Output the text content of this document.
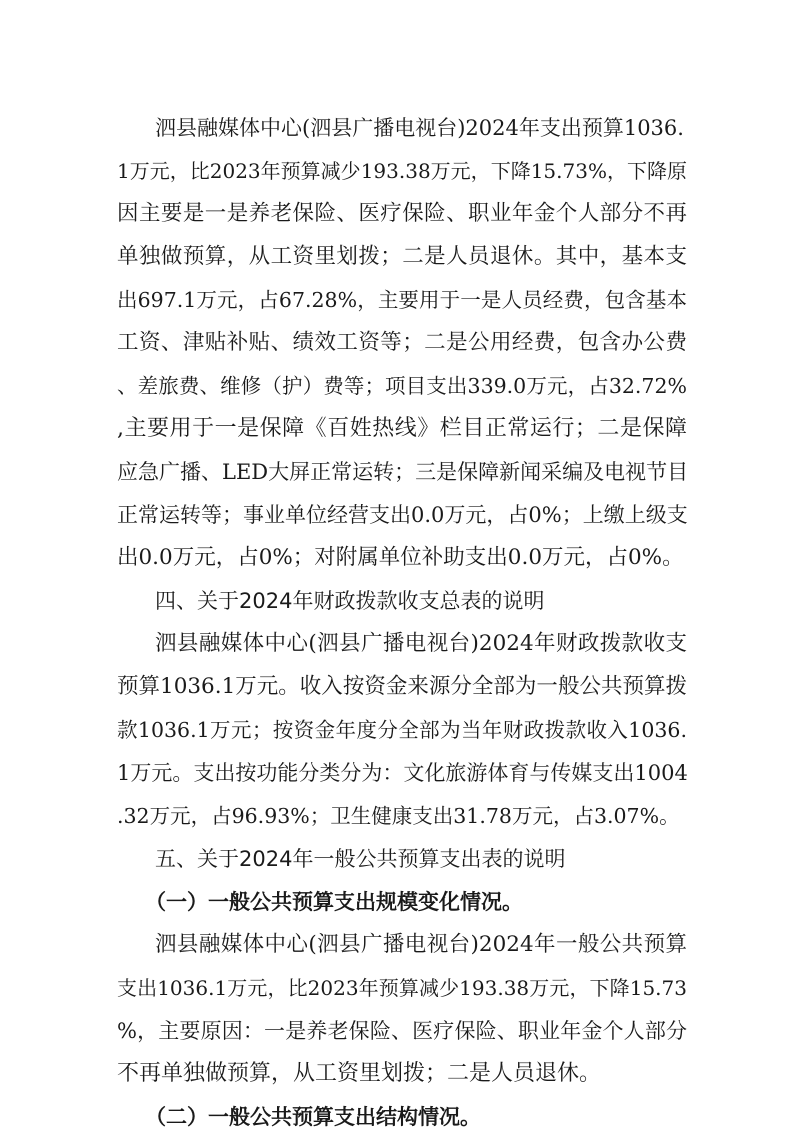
泗县融媒体中心(泗县广播电视台)2024年支出预算1036.
1万元，比2023年预算减少193.38万元，下降15.73%，下降原
因主要是一是养老保险、医疗保险、职业年金个人部分不再
单独做预算，从工资里划拨；二是人员退休。其中，基本支
出697.1万元，占67.28%，主要用于一是人员经费，包含基本
工资、津贴补贴、绩效工资等；二是公用经费，包含办公费
、差旅费、维修（护）费等；项目支出339.0万元，占32.72%
,主要用于一是保障《百姓热线》栏目正常运行；二是保障
应急广播、LED大屏正常运转；三是保障新闻采编及电视节目
正常运转等；事业单位经营支出0.0万元，占0%；上缴上级支
出0.0万元，占0%；对附属单位补助支出0.0万元，占0%。
四、关于2024年财政拨款收支总表的说明
泗县融媒体中心(泗县广播电视台)2024年财政拨款收支
预算1036.1万元。收入按资金来源分全部为一般公共预算拨
款1036.1万元；按资金年度分全部为当年财政拨款收入1036.
1万元。支出按功能分类分为：文化旅游体育与传媒支出1004
.32万元，占96.93%；卫生健康支出31.78万元，占3.07%。
五、关于2024年一般公共预算支出表的说明
（一）一般公共预算支出规模变化情况。
泗县融媒体中心(泗县广播电视台)2024年一般公共预算
支出1036.1万元，比2023年预算减少193.38万元，下降15.73
%，主要原因：一是养老保险、医疗保险、职业年金个人部分
不再单独做预算，从工资里划拨；二是人员退休。
（二）一般公共预算支出结构情况。
